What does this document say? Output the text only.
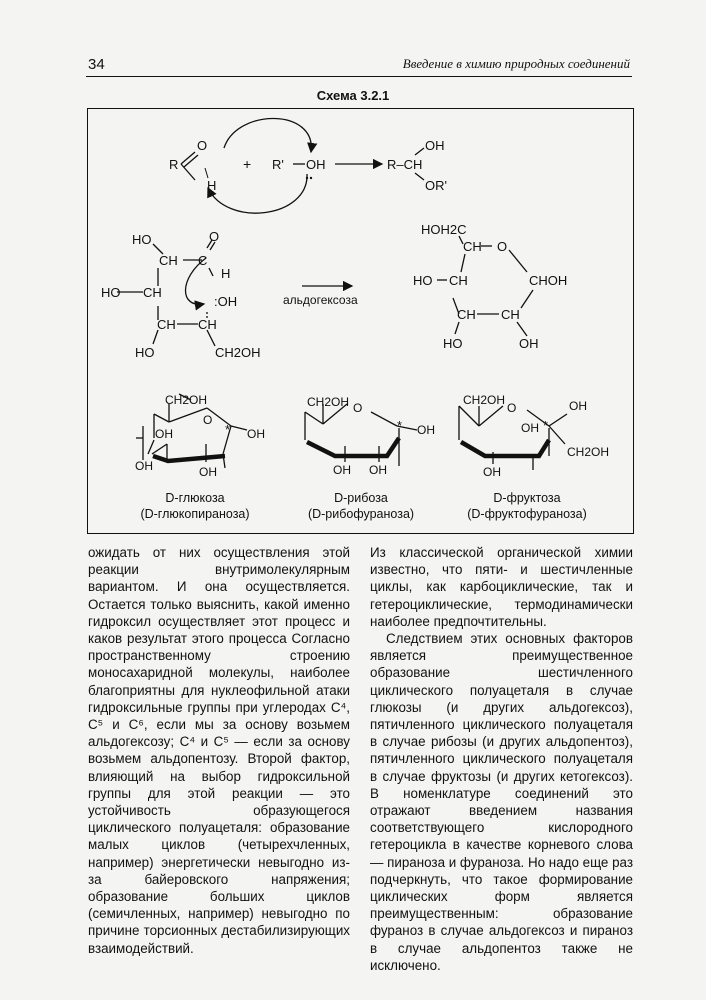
34	Введение в химию природных соединений
Схема 3.2.1
R
O
H
+ R' OH
OH
R–CH
OR'
HO
CH C
O
H
HO CH
:OH
CH CH
HO	CH2OH
альдогексоза
HOH2C
CH O
HO CH	CHOH
CH CH
HO	OH
CH2OH
O
* OH
OH
OH	OH
D-глюкоза
(D-глюкопираноза)
CH2OH O
* OH
OH OH
D-рибоза
(D-рибофураноза)
CH2OH
O	OH
OH *
CH2OH
OH
D-фруктоза
(D-фруктофураноза)

ожидать от них осуществления этой реакции внутримолекулярным вариантом. И она осуществляется. Остается только выяснить, какой именно гидроксил осуществляет этот процесс и каков результат этого процесса Согласно пространственному строению моносахаридной молекулы, наиболее благоприятны для нуклеофильной атаки гидроксильные группы при углеродах C⁴, C⁵ и C⁶, если мы за основу возьмем альдогексозу; C⁴ и C⁵ — если за основу возьмем альдопентозу. Второй фактор, влияющий на выбор гидроксильной группы для этой реакции — это устойчивость образующегося циклического полуацеталя: образование малых циклов (четырехчленных, например) энергетически невыгодно из-за байеровского напряжения; образование больших циклов (семичленных, например) невыгодно по причине торсионных дестабилизирующих взаимодействий.

Из классической органической химии известно, что пяти- и шестичленные циклы, как карбоциклические, так и гетероциклические, термодинамически наиболее предпочтительны.

Следствием этих основных факторов является преимущественное образование шестичленного циклического полуацеталя в случае глюкозы (и других альдогексоз), пятичленного циклического полуацеталя в случае рибозы (и других альдопентоз), пятичленного циклического полуацеталя в случае фруктозы (и других кетогексоз). В номенклатуре соединений это отражают введением названия соответствующего кислородного гетероцикла в качестве корневого слова — пираноза и фураноза. Но надо еще раз подчеркнуть, что такое формирование циклических форм является преимущественным: образование фураноз в случае альдогексоз и пираноз в случае альдопентоз также не исключено.
